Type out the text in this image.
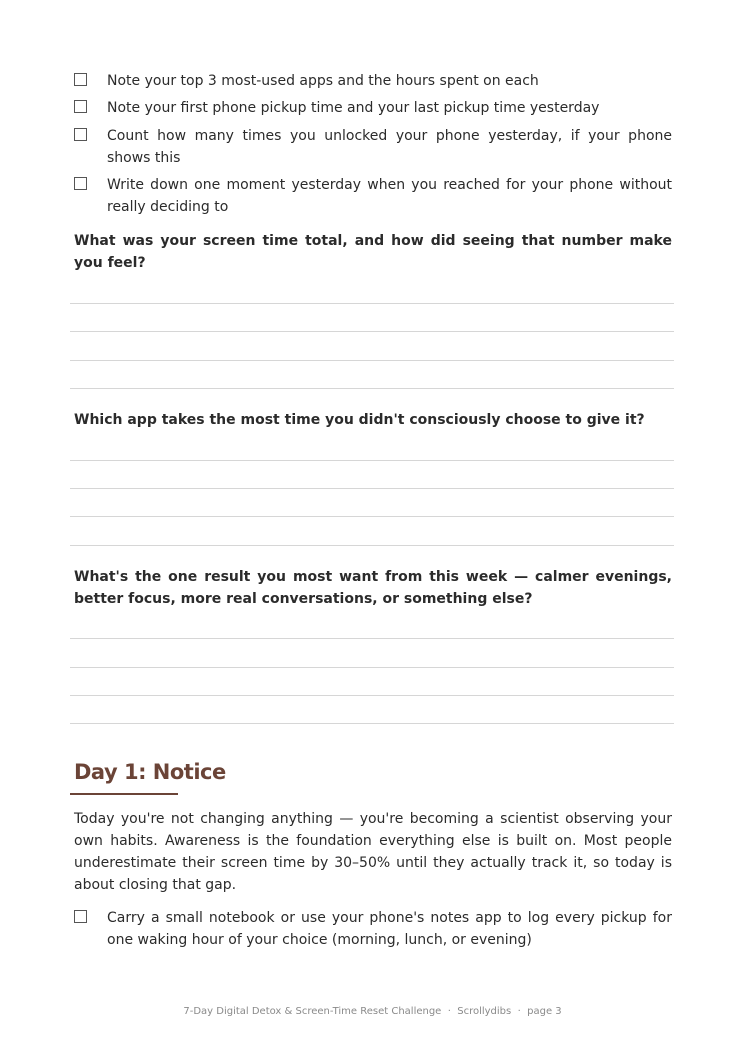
Note your top 3 most-used apps and the hours spent on each
Note your first phone pickup time and your last pickup time yesterday
Count how many times you unlocked your phone yesterday, if your phone shows this
Write down one moment yesterday when you reached for your phone without really deciding to
What was your screen time total, and how did seeing that number make you feel?
Which app takes the most time you didn't consciously choose to give it?
What's the one result you most want from this week — calmer evenings, better focus, more real conversations, or something else?
Day 1: Notice
Today you're not changing anything — you're becoming a scientist observing your own habits. Awareness is the foundation everything else is built on. Most people underestimate their screen time by 30–50% until they actually track it, so today is about closing that gap.
Carry a small notebook or use your phone's notes app to log every pickup for one waking hour of your choice (morning, lunch, or evening)
7-Day Digital Detox & Screen-Time Reset Challenge  ·  Scrollydibs  ·  page 3
